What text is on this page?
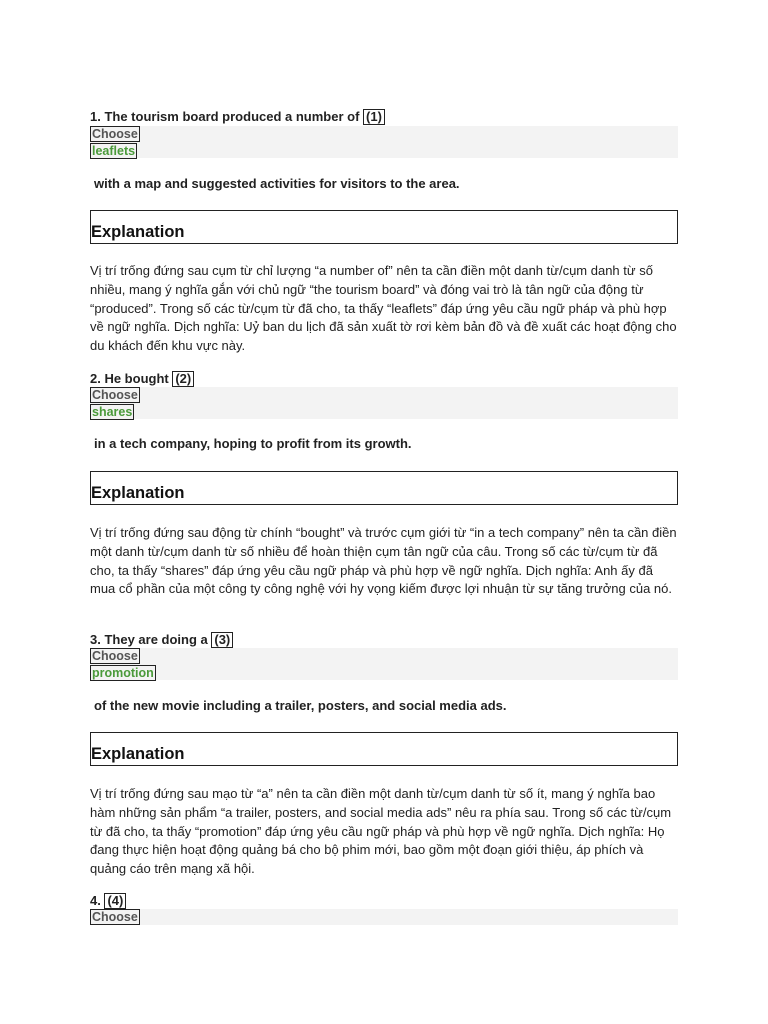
1. The tourism board produced a number of (1)
Choose
leaflets
with a map and suggested activities for visitors to the area.
Explanation
Vị trí trống đứng sau cụm từ chỉ lượng “a number of” nên ta cần điền một danh từ/cụm danh từ số nhiều, mang ý nghĩa gắn với chủ ngữ “the tourism board” và đóng vai trò là tân ngữ của động từ “produced”. Trong số các từ/cụm từ đã cho, ta thấy “leaflets” đáp ứng yêu cầu ngữ pháp và phù hợp về ngữ nghĩa. Dịch nghĩa: Uỷ ban du lịch đã sản xuất tờ rơi kèm bản đồ và đề xuất các hoạt động cho du khách đến khu vực này.
2. He bought (2)
Choose
shares
in a tech company, hoping to profit from its growth.
Explanation
Vị trí trống đứng sau động từ chính “bought” và trước cụm giới từ “in a tech company” nên ta cần điền một danh từ/cụm danh từ số nhiều để hoàn thiện cụm tân ngữ của câu. Trong số các từ/cụm từ đã cho, ta thấy “shares” đáp ứng yêu cầu ngữ pháp và phù hợp về ngữ nghĩa. Dịch nghĩa: Anh ấy đã mua cổ phần của một công ty công nghệ với hy vọng kiếm được lợi nhuận từ sự tăng trưởng của nó.
3. They are doing a (3)
Choose
promotion
of the new movie including a trailer, posters, and social media ads.
Explanation
Vị trí trống đứng sau mạo từ “a” nên ta cần điền một danh từ/cụm danh từ số ít, mang ý nghĩa bao hàm những sản phẩm “a trailer, posters, and social media ads” nêu ra phía sau. Trong số các từ/cụm từ đã cho, ta thấy “promotion” đáp ứng yêu cầu ngữ pháp và phù hợp về ngữ nghĩa. Dịch nghĩa: Họ đang thực hiện hoạt động quảng bá cho bộ phim mới, bao gồm một đoạn giới thiệu, áp phích và quảng cáo trên mạng xã hội.
4. (4)
Choose
